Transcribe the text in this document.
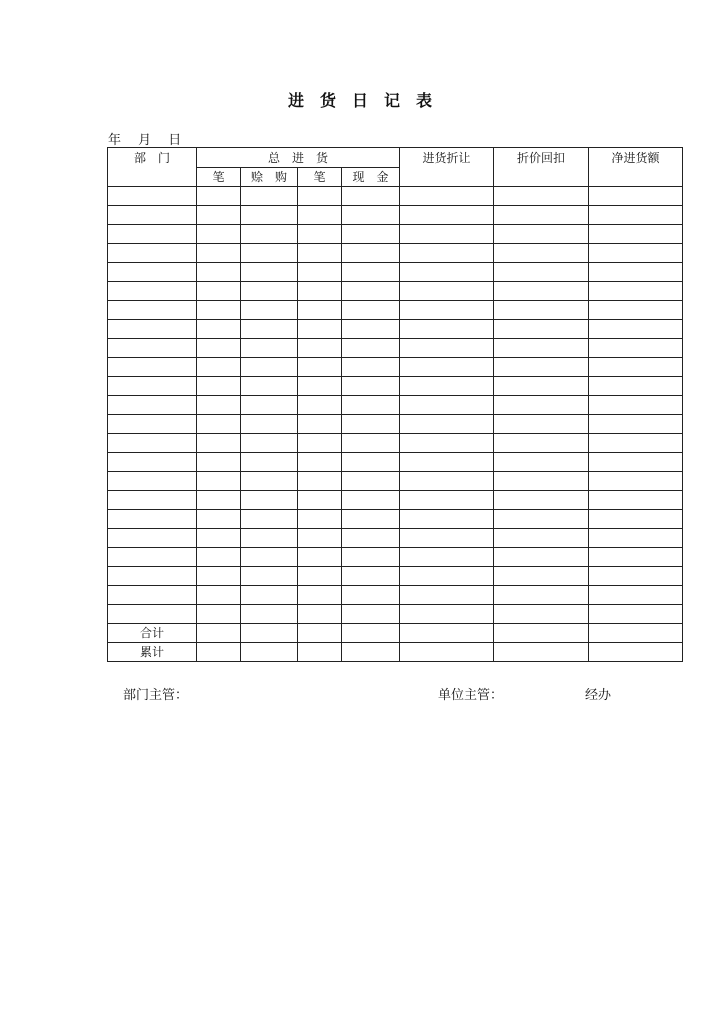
进　货　日　记　表
年　 月　 日
部　门	总　进　货				进货折让	折价回扣	净进货额
	笔	赊　购	笔	现　金			

合计							
累计							
部门主管：	单位主管：	经办
